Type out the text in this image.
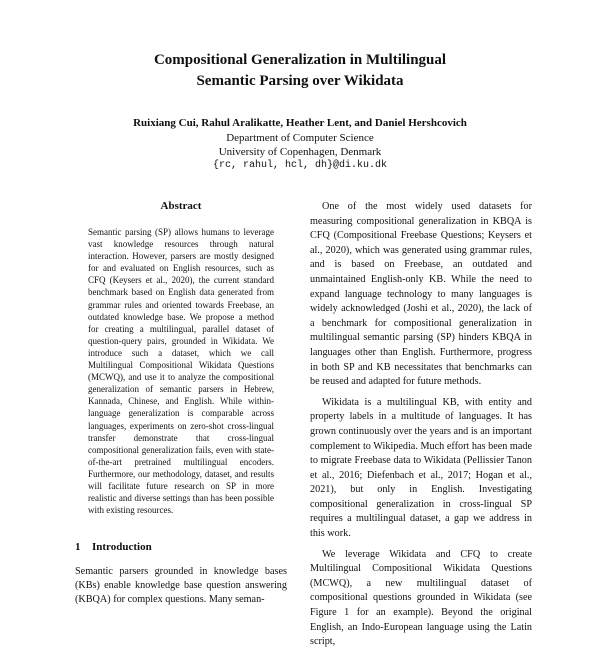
Compositional Generalization in Multilingual
Semantic Parsing over Wikidata
Ruixiang Cui, Rahul Aralikatte, Heather Lent, and Daniel Hershcovich
Department of Computer Science
University of Copenhagen, Denmark
{rc, rahul, hcl, dh}@di.ku.dk
Abstract

Semantic parsing (SP) allows humans to leverage vast knowledge resources through natural interaction. However, parsers are mostly designed for and evaluated on English resources, such as CFQ (Keysers et al., 2020), the current standard benchmark based on English data generated from grammar rules and oriented towards Freebase, an outdated knowledge base. We propose a method for creating a multilingual, parallel dataset of question-query pairs, grounded in Wikidata. We introduce such a dataset, which we call Multilingual Compositional Wikidata Questions (MCWQ), and use it to analyze the compositional generalization of semantic parsers in Hebrew, Kannada, Chinese, and English. While within-language generalization is comparable across languages, experiments on zero-shot cross-lingual transfer demonstrate that cross-lingual compositional generalization fails, even with state-of-the-art pretrained multilingual encoders. Furthermore, our methodology, dataset, and results will facilitate future research on SP in more realistic and diverse settings than has been possible with existing resources.

1 Introduction

Semantic parsers grounded in knowledge bases (KBs) enable knowledge base question answering (KBQA) for complex questions. Many seman-

One of the most widely used datasets for measuring compositional generalization in KBQA is CFQ (Compositional Freebase Questions; Keysers et al., 2020), which was generated using grammar rules, and is based on Freebase, an outdated and unmaintained English-only KB. While the need to expand language technology to many languages is widely acknowledged (Joshi et al., 2020), the lack of a benchmark for compositional generalization in multilingual semantic parsing (SP) hinders KBQA in languages other than English. Furthermore, progress in both SP and KB necessitates that benchmarks can be reused and adapted for future methods.

Wikidata is a multilingual KB, with entity and property labels in a multitude of languages. It has grown continuously over the years and is an important complement to Wikipedia. Much effort has been made to migrate Freebase data to Wikidata (Pellissier Tanon et al., 2016; Diefenbach et al., 2017; Hogan et al., 2021), but only in English. Investigating compositional generalization in cross-lingual SP requires a multilingual dataset, a gap we address in this work.

We leverage Wikidata and CFQ to create Multilingual Compositional Wikidata Questions (MCWQ), a new multilingual dataset of compositional questions grounded in Wikidata (see Figure 1 for an example). Beyond the original English, an Indo-European language using the Latin script,
